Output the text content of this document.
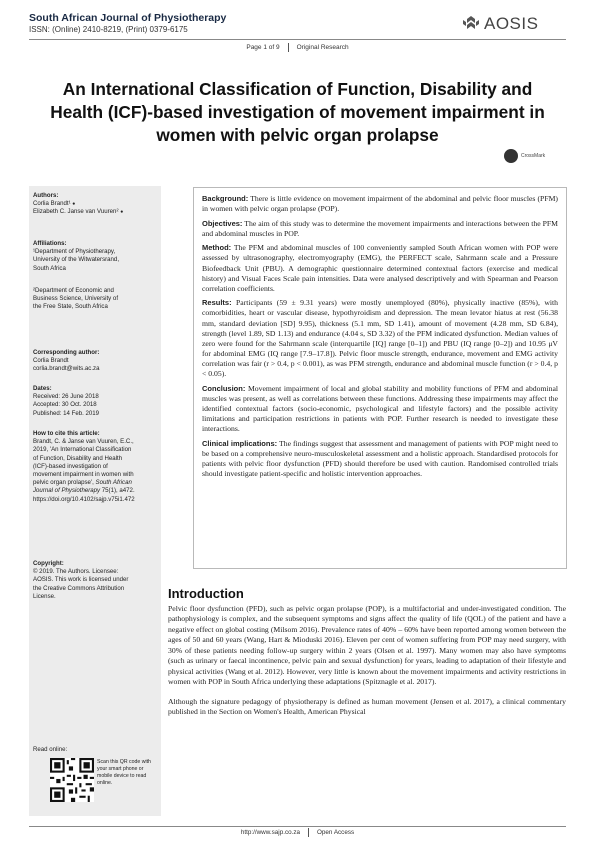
South African Journal of Physiotherapy
ISSN: (Online) 2410-8219, (Print) 0379-6175	AOSIS
Page 1 of 9	Original Research
An International Classification of Function, Disability and Health (ICF)-based investigation of movement impairment in women with pelvic organ prolapse
CrossMark
Authors:
Corlia Brandt¹ ●
Elizabeth C. Janse van Vuuren² ●
Affiliations:
¹Department of Physiotherapy, University of the Witwatersrand, South Africa
²Department of Economic and Business Science, University of the Free State, South Africa
Corresponding author:
Corlia Brandt
corlia.brandt@wits.ac.za
Dates:
Received: 26 June 2018
Accepted: 30 Oct. 2018
Published: 14 Feb. 2019
How to cite this article:
Brandt, C. & Janse van Vuuren, E.C., 2019, 'An International Classification of Function, Disability and Health (ICF)-based investigation of movement impairment in women with pelvic organ prolapse', South African Journal of Physiotherapy 75(1), a472. https://doi.org/10.4102/sajp.v75i1.472
Copyright:
© 2019. The Authors. Licensee: AOSIS. This work is licensed under the Creative Commons Attribution License.
Read online:
Scan this QR code with your smart phone or mobile device to read online.

Background: There is little evidence on movement impairment of the abdominal and pelvic floor muscles (PFM) in women with pelvic organ prolapse (POP).

Objectives: The aim of this study was to determine the movement impairments and interactions between the PFM and abdominal muscles in POP.

Method: The PFM and abdominal muscles of 100 conveniently sampled South African women with POP were assessed by ultrasonography, electromyography (EMG), the PERFECT scale, Sahrmann scale and a Pressure Biofeedback Unit (PBU). A demographic questionnaire determined contextual factors (exercise and medical history) and Visual Faces Scale pain intensities. Data were analysed descriptively and with Spearman and Pearson correlation coefficients.

Results: Participants (59 ± 9.31 years) were mostly unemployed (80%), physically inactive (85%), with comorbidities, heart or vascular disease, hypothyroidism and depression. The mean levator hiatus at rest (56.38 mm, standard deviation [SD] 9.95), thickness (5.1 mm, SD 1.41), amount of movement (4.28 mm, SD 6.84), strength (level 1.89, SD 1.13) and endurance (4.04 s, SD 3.32) of the PFM indicated dysfunction. Median values of zero were found for the Sahrmann scale (interquartile [IQ] range [0–1]) and PBU (IQ range [0–2]) and 10.95 μV for abdominal EMG (IQ range [7.9–17.8]). Pelvic floor muscle strength, endurance, movement and EMG activity correlation was fair (r > 0.4, p < 0.001), as was PFM strength, endurance and abdominal muscle function (r > 0.4, p < 0.05).

Conclusion: Movement impairment of local and global stability and mobility functions of PFM and abdominal muscles was present, as well as correlations between these functions. Addressing these impairments may affect the identified contextual factors (socio-economic, psychological and lifestyle factors) and the possible activity limitations and participation restrictions in patients with POP. Further research is needed to investigate these interactions.

Clinical implications: The findings suggest that assessment and management of patients with POP might need to be based on a comprehensive neuro-musculoskeletal assessment and a holistic approach. Standardised protocols for patients with pelvic floor dysfunction (PFD) should therefore be used with caution. Randomised controlled trials should investigate patient-specific and holistic intervention approaches.

Introduction

Pelvic floor dysfunction (PFD), such as pelvic organ prolapse (POP), is a multifactorial and under-investigated condition. The pathophysiology is complex, and the subsequent symptoms and signs affect the quality of life (QOL) of the patient and have a negative effect on global costing (Milsom 2016). Prevalence rates of 40% – 60% have been reported among women between the ages of 50 and 60 years (Wang, Hart & Mioduski 2016). Eleven per cent of women suffering from POP may need surgery, with 30% of these patients needing follow-up surgery within 2 years (Olsen et al. 1997). Many women may also have symptoms (such as urinary or faecal incontinence, pelvic pain and sexual dysfunction) for years, leading to adaptation of their lifestyle and physical activities (Wang et al. 2012). However, very little is known about the movement impairments and activity restrictions in women with POP in South Africa underlying these adaptations (Spitznagle et al. 2017).

Although the signature pedagogy of physiotherapy is defined as human movement (Jensen et al. 2017), a clinical commentary published in the Section on Women's Health, American Physical

http://www.sajp.co.za	Open Access
